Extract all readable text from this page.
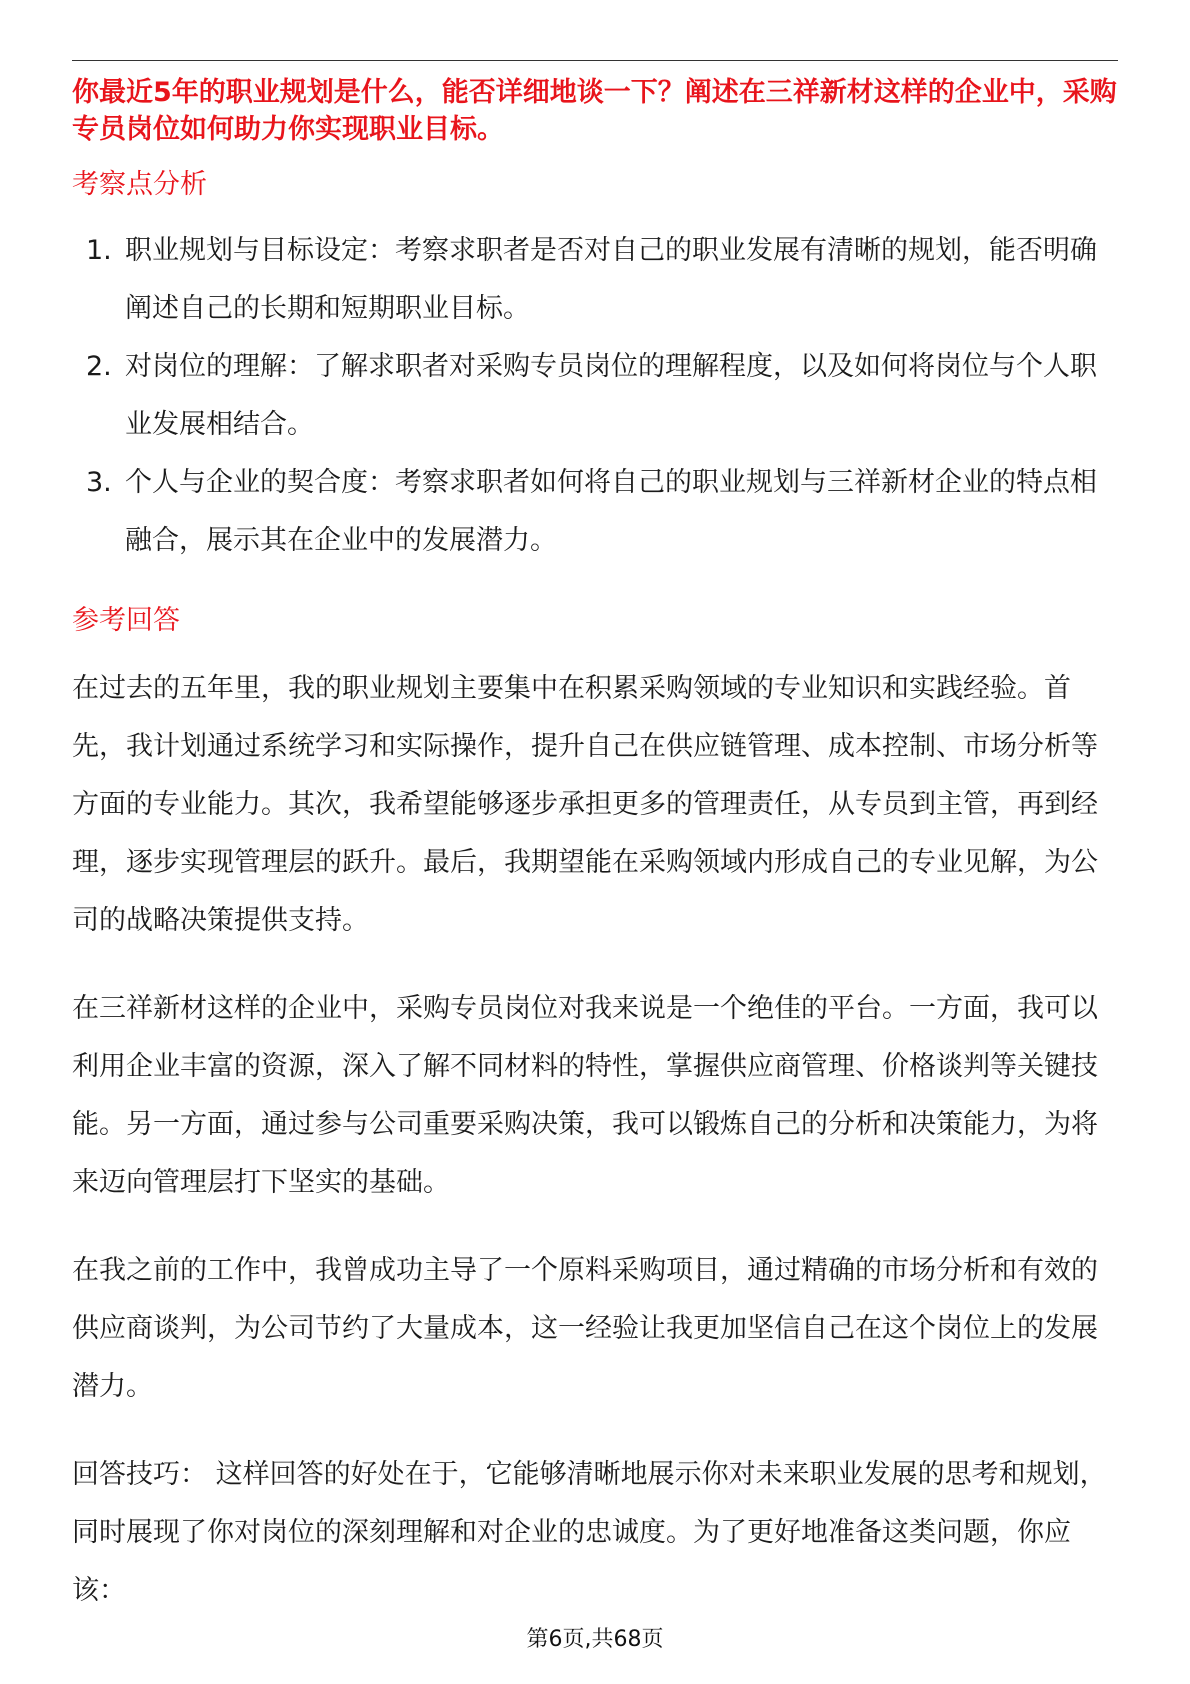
你最近5年的职业规划是什么，能否详细地谈一下？阐述在三祥新材这样的企业中，采购专员岗位如何助力你实现职业目标。

考察点分析

1. 职业规划与目标设定：考察求职者是否对自己的职业发展有清晰的规划，能否明确阐述自己的长期和短期职业目标。
2. 对岗位的理解：了解求职者对采购专员岗位的理解程度，以及如何将岗位与个人职业发展相结合。
3. 个人与企业的契合度：考察求职者如何将自己的职业规划与三祥新材企业的特点相融合，展示其在企业中的发展潜力。

参考回答

在过去的五年里，我的职业规划主要集中在积累采购领域的专业知识和实践经验。首先，我计划通过系统学习和实际操作，提升自己在供应链管理、成本控制、市场分析等方面的专业能力。其次，我希望能够逐步承担更多的管理责任，从专员到主管，再到经理，逐步实现管理层的跃升。最后，我期望能在采购领域内形成自己的专业见解，为公司的战略决策提供支持。

在三祥新材这样的企业中，采购专员岗位对我来说是一个绝佳的平台。一方面，我可以利用企业丰富的资源，深入了解不同材料的特性，掌握供应商管理、价格谈判等关键技能。另一方面，通过参与公司重要采购决策，我可以锻炼自己的分析和决策能力，为将来迈向管理层打下坚实的基础。

在我之前的工作中，我曾成功主导了一个原料采购项目，通过精确的市场分析和有效的供应商谈判，为公司节约了大量成本，这一经验让我更加坚信自己在这个岗位上的发展潜力。

回答技巧： 这样回答的好处在于，它能够清晰地展示你对未来职业发展的思考和规划，同时展现了你对岗位的深刻理解和对企业的忠诚度。为了更好地准备这类问题，你应该：

第6页,共68页
